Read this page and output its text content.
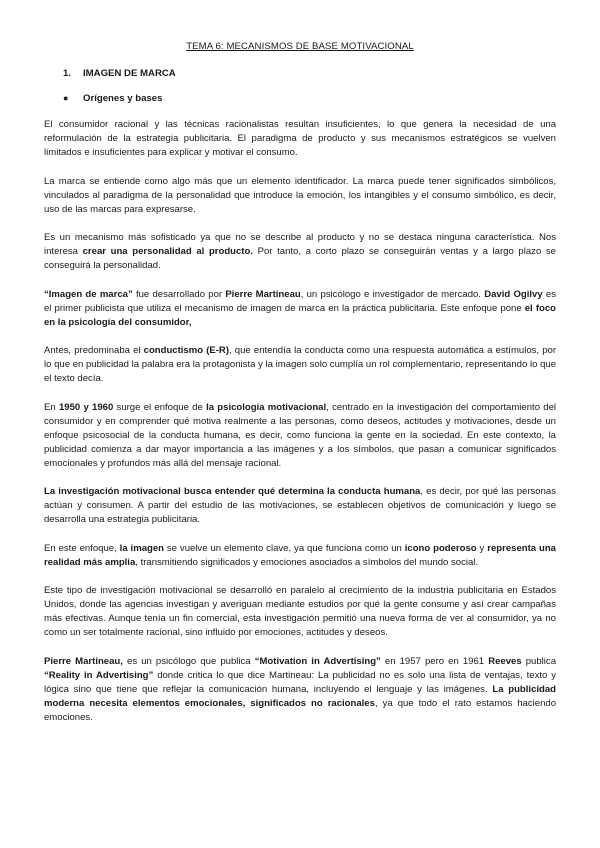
TEMA 6: MECANISMOS DE BASE MOTIVACIONAL
1. IMAGEN DE MARCA
● Orígenes y bases

El consumidor racional y las técnicas racionalistas resultan insuficientes, lo que genera la necesidad de una reformulación de la estrategia publicitaria. El paradigma de producto y sus mecanismos estratégicos se vuelven limitados e insuficientes para explicar y motivar el consumo.

La marca se entiende como algo más que un elemento identificador. La marca puede tener significados simbólicos, vinculados al paradigma de la personalidad que introduce la emoción, los intangibles y el consumo simbólico, es decir, uso de las marcas para expresarse.

Es un mecanismo más sofisticado ya que no se describe al producto y no se destaca ninguna característica. Nos interesa crear una personalidad al producto. Por tanto, a corto plazo se conseguirán ventas y a largo plazo se conseguirá la personalidad.

“Imagen de marca” fue desarrollado por Pierre Martineau, un psicólogo e investigador de mercado. David Ogilvy es el primer publicista que utiliza el mecanismo de imagen de marca en la práctica publicitaria. Este enfoque pone el foco en la psicología del consumidor,

Antes, predominaba el conductismo (E-R), que entendía la conducta como una respuesta automática a estímulos, por lo que en publicidad la palabra era la protagonista y la imagen solo cumplía un rol complementario, representando lo que el texto decía.

En 1950 y 1960 surge el enfoque de la psicología motivacional, centrado en la investigación del comportamiento del consumidor y en comprender qué motiva realmente a las personas, como deseos, actitudes y motivaciones, desde un enfoque psicosocial de la conducta humana, es decir, como funciona la gente en la sociedad. En este contexto, la publicidad comienza a dar mayor importancia a las imágenes y a los símbolos, que pasan a comunicar significados emocionales y profundos más allá del mensaje racional.

La investigación motivacional busca entender qué determina la conducta humana, es decir, por qué las personas actúan y consumen. A partir del estudio de las motivaciones, se establecen objetivos de comunicación y luego se desarrolla una estrategia publicitaria.

En este enfoque, la imagen se vuelve un elemento clave, ya que funciona como un icono poderoso y representa una realidad más amplia, transmitiendo significados y emociones asociados a símbolos del mundo social.

Este tipo de investigación motivacional se desarrolló en paralelo al crecimiento de la industria publicitaria en Estados Unidos, donde las agencias investigan y averiguan mediante estudios por qué la gente consume y así crear campañas más efectivas. Aunque tenía un fin comercial, esta investigación permitió una nueva forma de ver al consumidor, ya no como un ser totalmente racional, sino influido por emociones, actitudes y deseos.

Pierre Martineau, es un psicólogo que publica “Motivation in Advertising” en 1957 pero en 1961 Reeves publica “Reality in Advertising” donde critica lo que dice Martineau: La publicidad no es solo una lista de ventajas, texto y lógica sino que tiene que reflejar la comunicación humana, incluyendo el lenguaje y las imágenes. La publicidad moderna necesita elementos emocionales, significados no racionales, ya que todo el rato estamos haciendo emociones.
